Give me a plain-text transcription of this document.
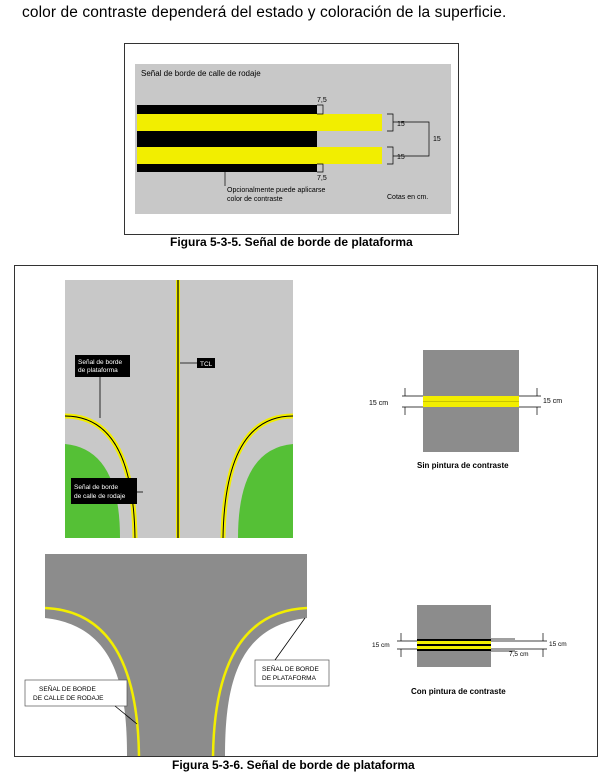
color de contraste dependerá del estado y coloración de la superficie.
Señal de borde de calle de rodaje
7,5
15
15
15
7,5
Opcionalmente puede aplicarse
color de contraste	Cotas en cm.
Figura 5-3-5. Señal de borde de plataforma
Señal de borde
de plataforma
TCL
Señal de borde
de calle de rodaje
SEÑAL DE BORDE
DE CALLE DE RODAJE
SEÑAL DE BORDE
DE PLATAFORMA
15 cm	15 cm
Sin pintura de contraste
15 cm
7,5 cm
15 cm
Con pintura de contraste
Figura 5-3-6. Señal de borde de plataforma
